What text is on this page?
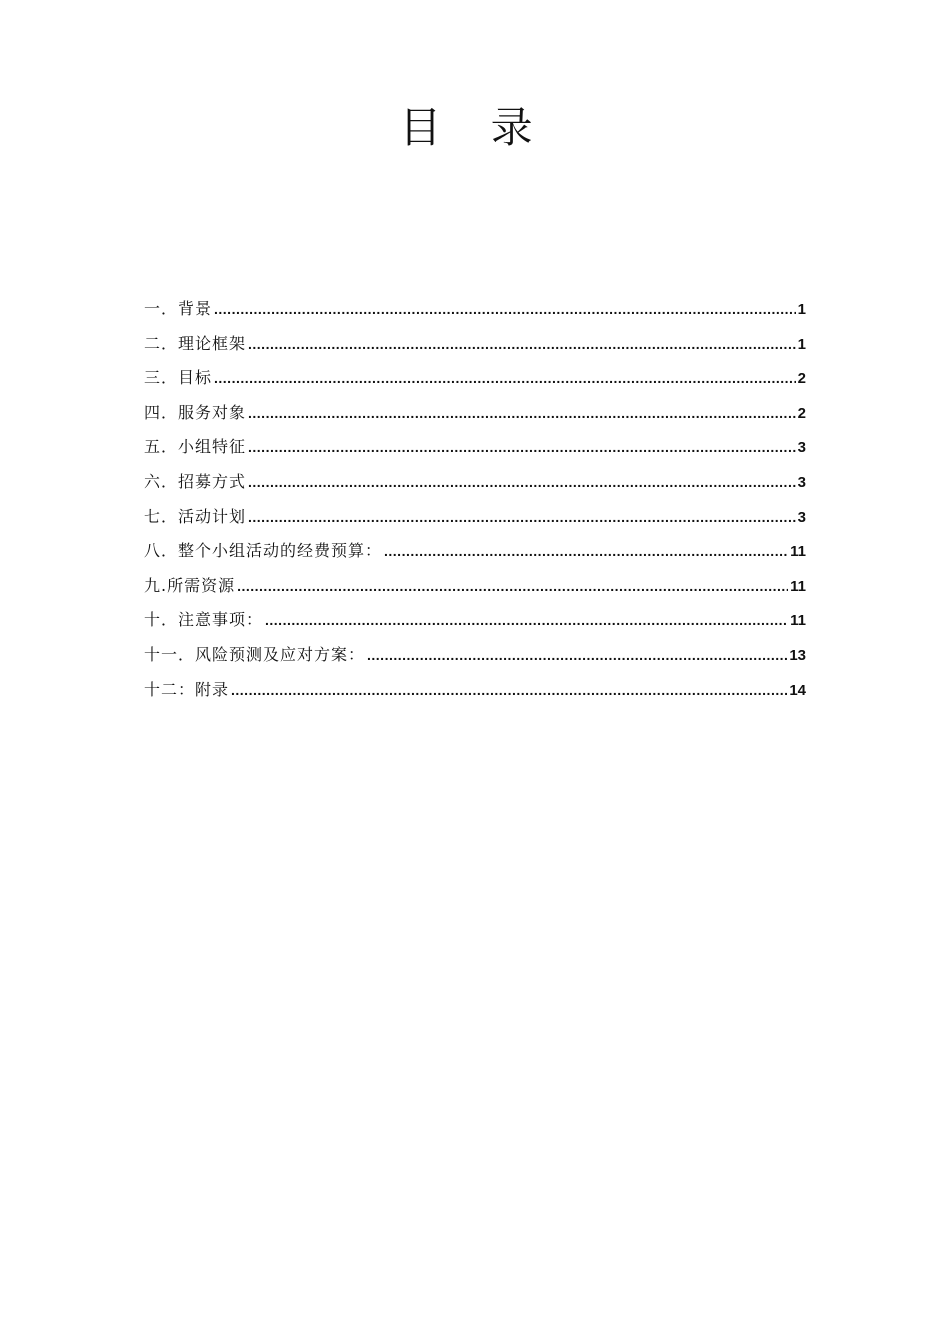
目 录
一．背景 .....	1
二．理论框架 .....	1
三．目标 .....	2
四．服务对象 .....	2
五．小组特征 .....	3
六．招募方式 .....	3
七．活动计划 .....	3
八．整个小组活动的经费预算： .....	11
九.所需资源 .....	11
十．注意事项： .....	11
十一．风险预测及应对方案： .....	13
十二：附录 .....	14
